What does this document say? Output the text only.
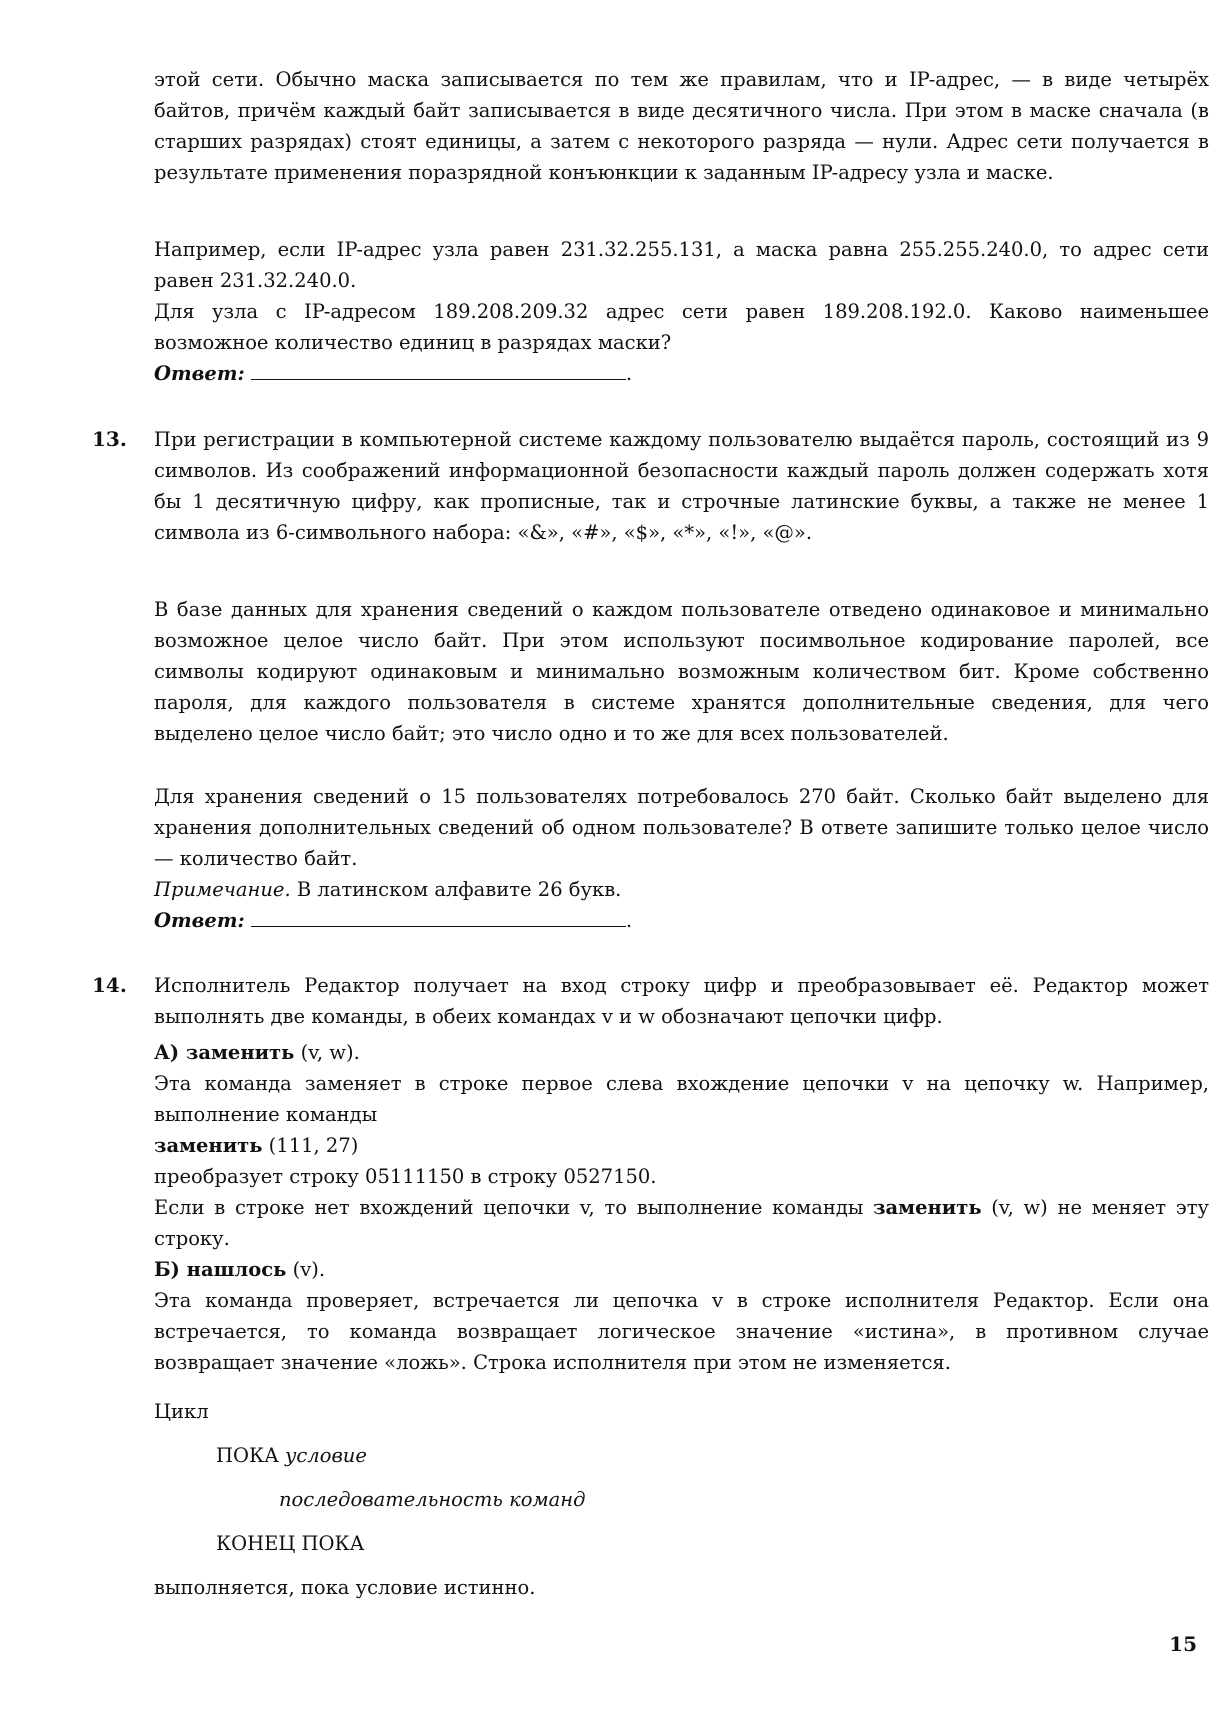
этой сети. Обычно маска записывается по тем же правилам, что и IP-адрес, — в виде четырёх байтов, причём каждый байт записывается в виде десятичного числа. При этом в маске сначала (в старших разрядах) стоят единицы, а затем с некоторого разряда — нули. Адрес сети получается в результате применения поразрядной конъюнкции к заданным IP-адресу узла и маске.

Например, если IP-адрес узла равен 231.32.255.131, а маска равна 255.255.240.0, то адрес сети равен 231.32.240.0.

Для узла с IP-адресом 189.208.209.32 адрес сети равен 189.208.192.0. Каково наименьшее возможное количество единиц в разрядах маски?

Ответ:	.
13. При регистрации в компьютерной системе каждому пользователю выдаётся пароль, состоящий из 9 символов. Из соображений информационной безопасности каждый пароль должен содержать хотя бы 1 десятичную цифру, как прописные, так и строчные латинские буквы, а также не менее 1 символа из 6-символьного набора: «&», «#», «$», «*», «!», «@».

В базе данных для хранения сведений о каждом пользователе отведено одинаковое и минимально возможное целое число байт. При этом используют посимвольное кодирование паролей, все символы кодируют одинаковым и минимально возможным количеством бит. Кроме собственно пароля, для каждого пользователя в системе хранятся дополнительные сведения, для чего выделено целое число байт; это число одно и то же для всех пользователей.

Для хранения сведений о 15 пользователях потребовалось 270 байт. Сколько байт выделено для хранения дополнительных сведений об одном пользователе? В ответе запишите только целое число — количество байт.

Примечание. В латинском алфавите 26 букв.
Ответ:	.
14. Исполнитель Редактор получает на вход строку цифр и преобразовывает её. Редактор может выполнять две команды, в обеих командах v и w обозначают цепочки цифр.

А) заменить (v, w).

Эта команда заменяет в строке первое слева вхождение цепочки v на цепочку w. Например, выполнение команды

заменить (111, 27)
преобразует строку 05111150 в строку 0527150.

Если в строке нет вхождений цепочки v, то выполнение команды заменить (v, w) не меняет эту строку.

Б) нашлось (v).

Эта команда проверяет, встречается ли цепочка v в строке исполнителя Редактор. Если она встречается, то команда возвращает логическое значение «истина», в противном случае возвращает значение «ложь». Строка исполнителя при этом не изменяется.

Цикл
ПОКА условие
последовательность команд
КОНЕЦ ПОКА
выполняется, пока условие истинно.
15
